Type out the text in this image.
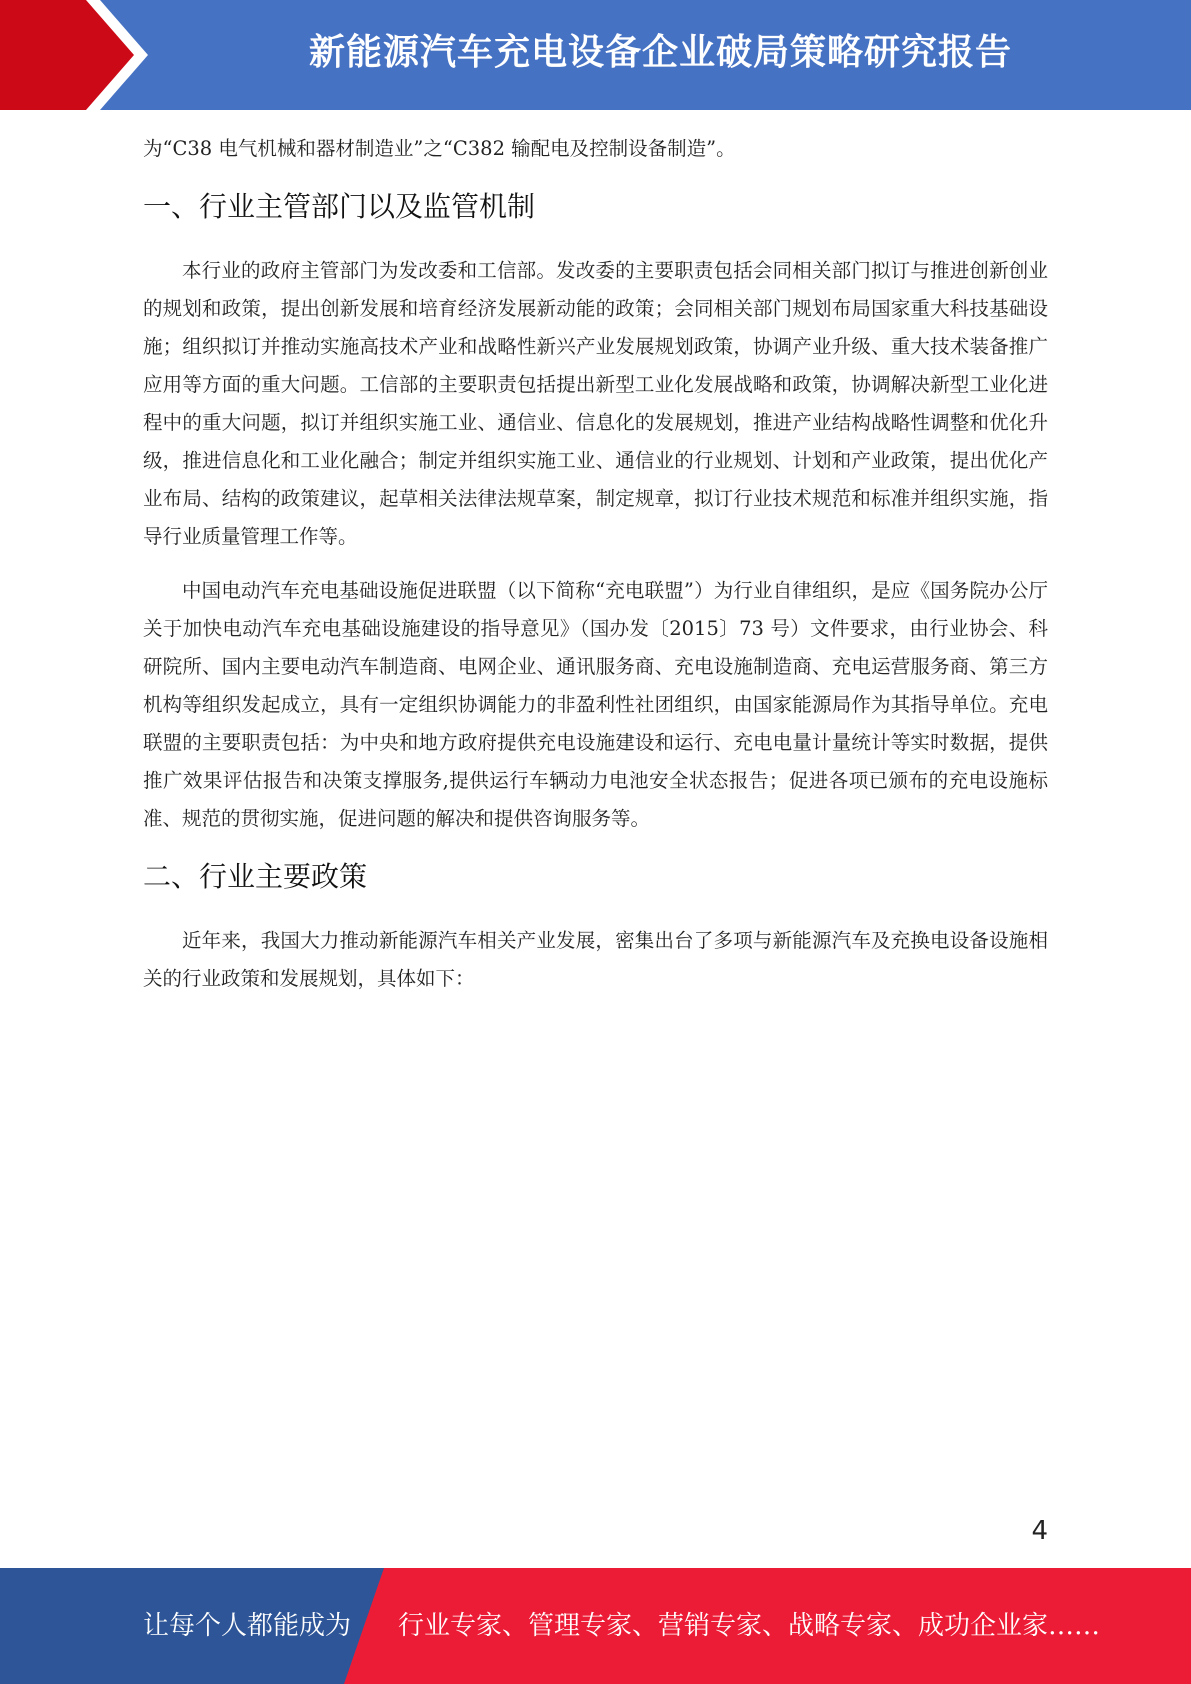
新能源汽车充电设备企业破局策略研究报告

为“C38 电气机械和器材制造业”之“C382 输配电及控制设备制造”。

一、行业主管部门以及监管机制

本行业的政府主管部门为发改委和工信部。发改委的主要职责包括会同相关部门拟订与推进创新创业的规划和政策，提出创新发展和培育经济发展新动能的政策；会同相关部门规划布局国家重大科技基础设施；组织拟订并推动实施高技术产业和战略性新兴产业发展规划政策，协调产业升级、重大技术装备推广应用等方面的重大问题。工信部的主要职责包括提出新型工业化发展战略和政策，协调解决新型工业化进程中的重大问题，拟订并组织实施工业、通信业、信息化的发展规划，推进产业结构战略性调整和优化升级，推进信息化和工业化融合；制定并组织实施工业、通信业的行业规划、计划和产业政策，提出优化产业布局、结构的政策建议，起草相关法律法规草案，制定规章，拟订行业技术规范和标准并组织实施，指导行业质量管理工作等。

中国电动汽车充电基础设施促进联盟（以下简称“充电联盟”）为行业自律组织，是应《国务院办公厅关于加快电动汽车充电基础设施建设的指导意见》（国办发〔2015〕73 号）文件要求，由行业协会、科研院所、国内主要电动汽车制造商、电网企业、通讯服务商、充电设施制造商、充电运营服务商、第三方机构等组织发起成立，具有一定组织协调能力的非盈利性社团组织，由国家能源局作为其指导单位。充电联盟的主要职责包括：为中央和地方政府提供充电设施建设和运行、充电电量计量统计等实时数据，提供推广效果评估报告和决策支撑服务,提供运行车辆动力电池安全状态报告；促进各项已颁布的充电设施标准、规范的贯彻实施，促进问题的解决和提供咨询服务等。

二、行业主要政策

近年来，我国大力推动新能源汽车相关产业发展，密集出台了多项与新能源汽车及充换电设备设施相关的行业政策和发展规划，具体如下：

4
让每个人都能成为 行业专家、管理专家、营销专家、战略专家、成功企业家……
